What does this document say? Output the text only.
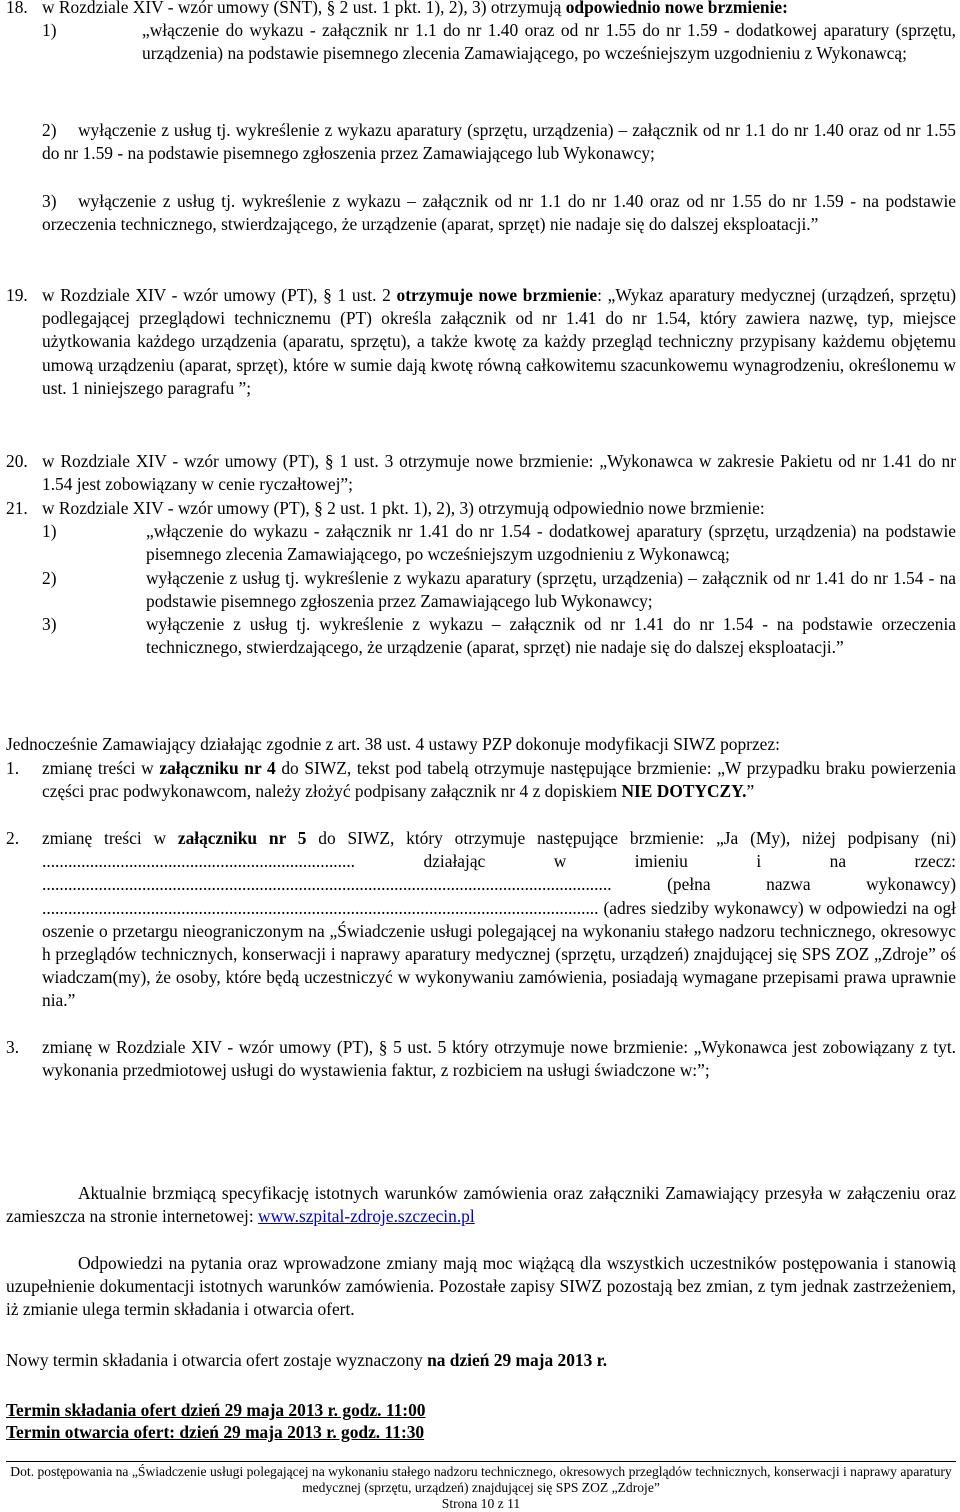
18. w Rozdziale XIV - wzór umowy (SNT), § 2 ust. 1 pkt. 1), 2), 3) otrzymują odpowiednio nowe brzmienie:
1)	„włączenie do wykazu - załącznik nr 1.1 do nr 1.40 oraz od nr 1.55 do nr 1.59 - dodatkowej aparatury (sprzętu, urządzenia) na podstawie pisemnego zlecenia Zamawiającego, po wcześniejszym uzgodnieniu z Wykonawcą;
2)	wyłączenie z usług tj. wykreślenie z wykazu aparatury (sprzętu, urządzenia) – załącznik od nr 1.1 do nr 1.40 oraz od nr 1.55 do nr 1.59 - na podstawie pisemnego zgłoszenia przez Zamawiającego lub Wykonawcy;
3)	wyłączenie z usług tj. wykreślenie z wykazu – załącznik od nr 1.1 do nr 1.40 oraz od nr 1.55 do nr 1.59 - na podstawie orzeczenia technicznego, stwierdzającego, że urządzenie (aparat, sprzęt) nie nadaje się do dalszej eksploatacji.”
19. w Rozdziale XIV - wzór umowy (PT), § 1 ust. 2 otrzymuje nowe brzmienie: „Wykaz aparatury medycznej (urządzeń, sprzętu) podlegającej przeglądowi technicznemu (PT) określa załącznik od nr 1.41 do nr 1.54, który zawiera nazwę, typ, miejsce użytkowania każdego urządzenia (aparatu, sprzętu), a także kwotę za każdy przegląd techniczny przypisany każdemu objętemu umową urządzeniu (aparat, sprzęt), które w sumie dają kwotę równą całkowitemu szacunkowemu wynagrodzeniu, określonemu w ust. 1 niniejszego paragrafu ”;
20. w Rozdziale XIV - wzór umowy (PT), § 1 ust. 3 otrzymuje nowe brzmienie: „Wykonawca w zakresie Pakietu od nr 1.41 do nr 1.54 jest zobowiązany w cenie ryczałtowej”;
21. w Rozdziale XIV - wzór umowy (PT), § 2 ust. 1 pkt. 1), 2), 3) otrzymują odpowiednio nowe brzmienie:
1)	„włączenie do wykazu - załącznik nr 1.41 do nr 1.54 - dodatkowej aparatury (sprzętu, urządzenia) na podstawie pisemnego zlecenia Zamawiającego, po wcześniejszym uzgodnieniu z Wykonawcą;
2)	wyłączenie z usług tj. wykreślenie z wykazu aparatury (sprzętu, urządzenia) – załącznik od nr 1.41 do nr 1.54 - na podstawie pisemnego zgłoszenia przez Zamawiającego lub Wykonawcy;
3)	wyłączenie z usług tj. wykreślenie z wykazu – załącznik od nr 1.41 do nr 1.54 - na podstawie orzeczenia technicznego, stwierdzającego, że urządzenie (aparat, sprzęt) nie nadaje się do dalszej eksploatacji.”
Jednocześnie Zamawiający działając zgodnie z art. 38 ust. 4 ustawy PZP dokonuje modyfikacji SIWZ poprzez:
1. zmianę treści w załączniku nr 4 do SIWZ, tekst pod tabelą otrzymuje następujące brzmienie: „W przypadku braku powierzenia części prac podwykonawcom, należy złożyć podpisany załącznik nr 4 z dopiskiem NIE DOTYCZY.”
2. zmianę treści w załączniku nr 5 do SIWZ, który otrzymuje następujące brzmienie: „Ja (My), niżej podpisany (ni) ........................................................................ działając w imieniu i na rzecz: ................................................................................................................................... (pełna nazwa wykonawcy) ................................................................................................................................ (adres siedziby wykonawcy) w odpowiedzi na ogłoszenie o przetargu nieograniczonym na „Świadczenie usługi polegającej na wykonaniu stałego nadzoru technicznego, okresowych przeglądów technicznych, konserwacji i naprawy aparatury medycznej (sprzętu, urządzeń) znajdującej się SPS ZOZ „Zdroje” oświadczam(my), że osoby, które będą uczestniczyć w wykonywaniu zamówienia, posiadają wymagane przepisami prawa uprawnienia.”
3. zmianę w Rozdziale XIV - wzór umowy (PT), § 5 ust. 5 który otrzymuje nowe brzmienie: „Wykonawca jest zobowiązany z tyt. wykonania przedmiotowej usługi do wystawienia faktur, z rozbiciem na usługi świadczone w:”;
Aktualnie brzmiącą specyfikację istotnych warunków zamówienia oraz załączniki Zamawiający przesyła w załączeniu oraz zamieszcza na stronie internetowej: www.szpital-zdroje.szczecin.pl
Odpowiedzi na pytania oraz wprowadzone zmiany mają moc wiążącą dla wszystkich uczestników postępowania i stanowią uzupełnienie dokumentacji istotnych warunków zamówienia. Pozostałe zapisy SIWZ pozostają bez zmian, z tym jednak zastrzeżeniem, iż zmianie ulega termin składania i otwarcia ofert.
Nowy termin składania i otwarcia ofert zostaje wyznaczony na dzień 29 maja 2013 r.
Termin składania ofert dzień 29 maja 2013 r. godz. 11:00
Termin otwarcia ofert: dzień 29 maja 2013 r. godz. 11:30
Dot. postępowania na „Świadczenie usługi polegającej na wykonaniu stałego nadzoru technicznego, okresowych przeglądów technicznych, konserwacji i naprawy aparatury medycznej (sprzętu, urządzeń) znajdującej się SPS ZOZ „Zdroje”
Strona 10 z 11
